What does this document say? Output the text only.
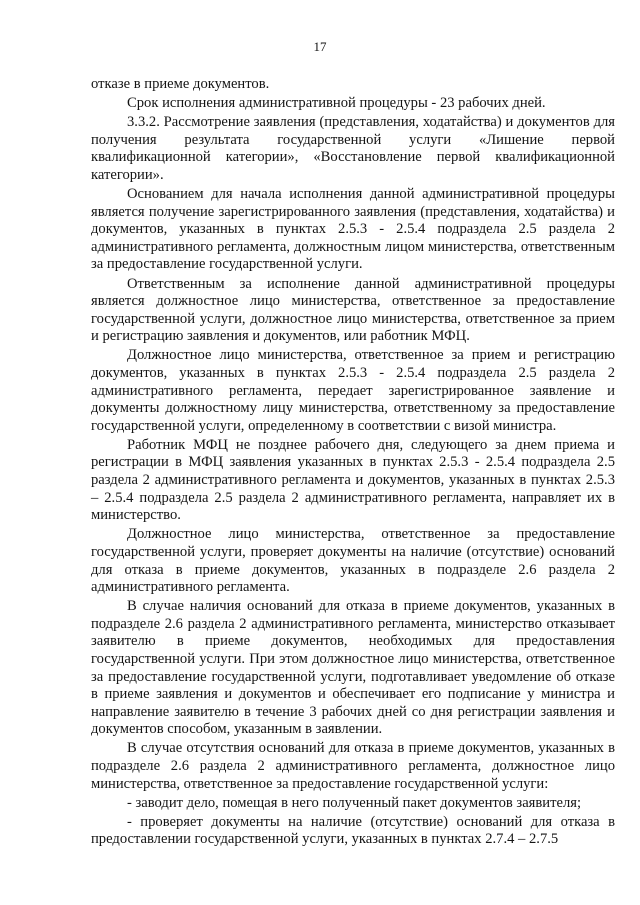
17

отказе в приеме документов.

Срок исполнения административной процедуры - 23 рабочих дней.

3.3.2. Рассмотрение заявления (представления, ходатайства) и документов для получения результата государственной услуги «Лишение первой квалификационной категории», «Восстановление первой квалификационной категории».

Основанием для начала исполнения данной административной процедуры является получение зарегистрированного заявления (представления, ходатайства) и документов, указанных в пунктах 2.5.3 - 2.5.4 подраздела 2.5 раздела 2 административного регламента, должностным лицом министерства, ответственным за предоставление государственной услуги.

Ответственным за исполнение данной административной процедуры является должностное лицо министерства, ответственное за предоставление государственной услуги, должностное лицо министерства, ответственное за прием и регистрацию заявления и документов, или работник МФЦ.

Должностное лицо министерства, ответственное за прием и регистрацию документов, указанных в пунктах 2.5.3 - 2.5.4 подраздела 2.5 раздела 2 административного регламента, передает зарегистрированное заявление и документы должностному лицу министерства, ответственному за предоставление государственной услуги, определенному в соответствии с визой министра.

Работник МФЦ не позднее рабочего дня, следующего за днем приема и регистрации в МФЦ заявления указанных в пунктах 2.5.3 - 2.5.4 подраздела 2.5 раздела 2 административного регламента и документов, указанных в пунктах 2.5.3 – 2.5.4 подраздела 2.5 раздела 2 административного регламента, направляет их в министерство.

Должностное лицо министерства, ответственное за предоставление государственной услуги, проверяет документы на наличие (отсутствие) оснований для отказа в приеме документов, указанных в подразделе 2.6 раздела 2 административного регламента.

В случае наличия оснований для отказа в приеме документов, указанных в подразделе 2.6 раздела 2 административного регламента, министерство отказывает заявителю в приеме документов, необходимых для предоставления государственной услуги. При этом должностное лицо министерства, ответственное за предоставление государственной услуги, подготавливает уведомление об отказе в приеме заявления и документов и обеспечивает его подписание у министра и направление заявителю в течение 3 рабочих дней со дня регистрации заявления и документов способом, указанным в заявлении.

В случае отсутствия оснований для отказа в приеме документов, указанных в подразделе 2.6 раздела 2 административного регламента, должностное лицо министерства, ответственное за предоставление государственной услуги:

- заводит дело, помещая в него полученный пакет документов заявителя;

- проверяет документы на наличие (отсутствие) оснований для отказа в предоставлении государственной услуги, указанных в пунктах 2.7.4 – 2.7.5
